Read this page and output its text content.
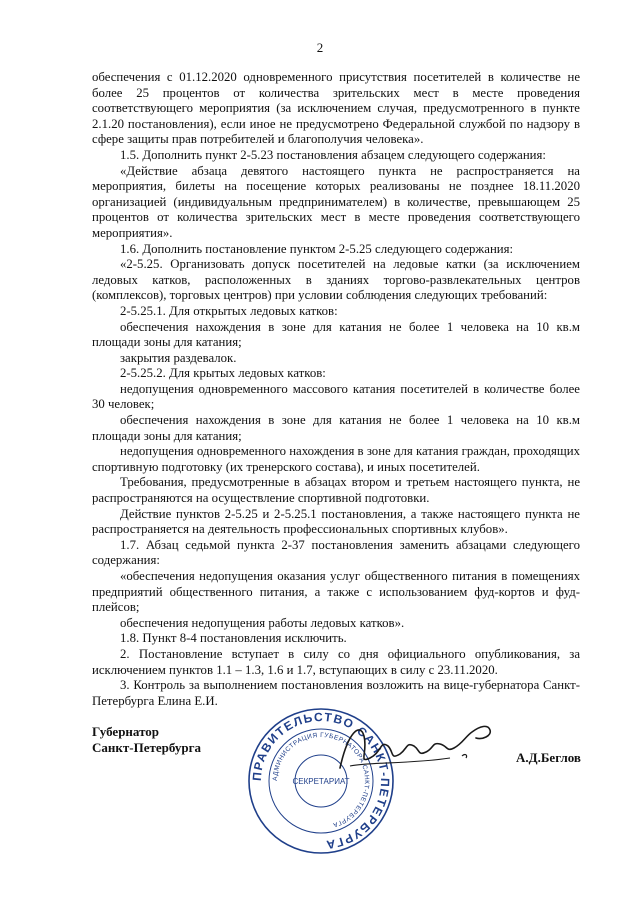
2

обеспечения с 01.12.2020 одновременного присутствия посетителей в количестве не более 25 процентов от количества зрительских мест в месте проведения соответствующего мероприятия (за исключением случая, предусмотренного в пункте 2.1.20 постановления), если иное не предусмотрено Федеральной службой по надзору в сфере защиты прав потребителей и благополучия человека».

1.5. Дополнить пункт 2-5.23 постановления абзацем следующего содержания:

«Действие абзаца девятого настоящего пункта не распространяется на мероприятия, билеты на посещение которых реализованы не позднее 18.11.2020 организацией (индивидуальным предпринимателем) в количестве, превышающем 25 процентов от количества зрительских мест в месте проведения соответствующего мероприятия».

1.6. Дополнить постановление пунктом 2-5.25 следующего содержания:

«2-5.25. Организовать допуск посетителей на ледовые катки (за исключением ледовых катков, расположенных в зданиях торгово-развлекательных центров (комплексов), торговых центров) при условии соблюдения следующих требований:

2-5.25.1. Для открытых ледовых катков:

обеспечения нахождения в зоне для катания не более 1 человека на 10 кв.м площади зоны для катания;

закрытия раздевалок.

2-5.25.2. Для крытых ледовых катков:

недопущения одновременного массового катания посетителей в количестве более 30 человек;

обеспечения нахождения в зоне для катания не более 1 человека на 10 кв.м площади зоны для катания;

недопущения одновременного нахождения в зоне для катания граждан, проходящих спортивную подготовку (их тренерского состава), и иных посетителей.

Требования, предусмотренные в абзацах втором и третьем настоящего пункта, не распространяются на осуществление спортивной подготовки.

Действие пунктов 2-5.25 и 2-5.25.1 постановления, а также настоящего пункта не распространяется на деятельность профессиональных спортивных клубов».

1.7. Абзац седьмой пункта 2-37 постановления заменить абзацами следующего содержания:

«обеспечения недопущения оказания услуг общественного питания в помещениях предприятий общественного питания, а также с использованием фуд-кортов и фуд-плейсов;

обеспечения недопущения работы ледовых катков».

1.8. Пункт 8-4 постановления исключить.

2. Постановление вступает в силу со дня официального опубликования, за исключением пунктов 1.1 – 1.3, 1.6 и 1.7, вступающих в силу с 23.11.2020.

3. Контроль за выполнением постановления возложить на вице-губернатора Санкт-Петербурга Елина Е.И.

Губернатор
Санкт-Петербурга
ПРАВИТЕЛЬСТВО САНКТ-ПЕТЕРБУРГА
АДМИНИСТРАЦИЯ ГУБЕРНАТОРА САНКТ-ПЕТЕРБУРГА
СЕКРЕТАРИАТ
А.Д.Беглов
